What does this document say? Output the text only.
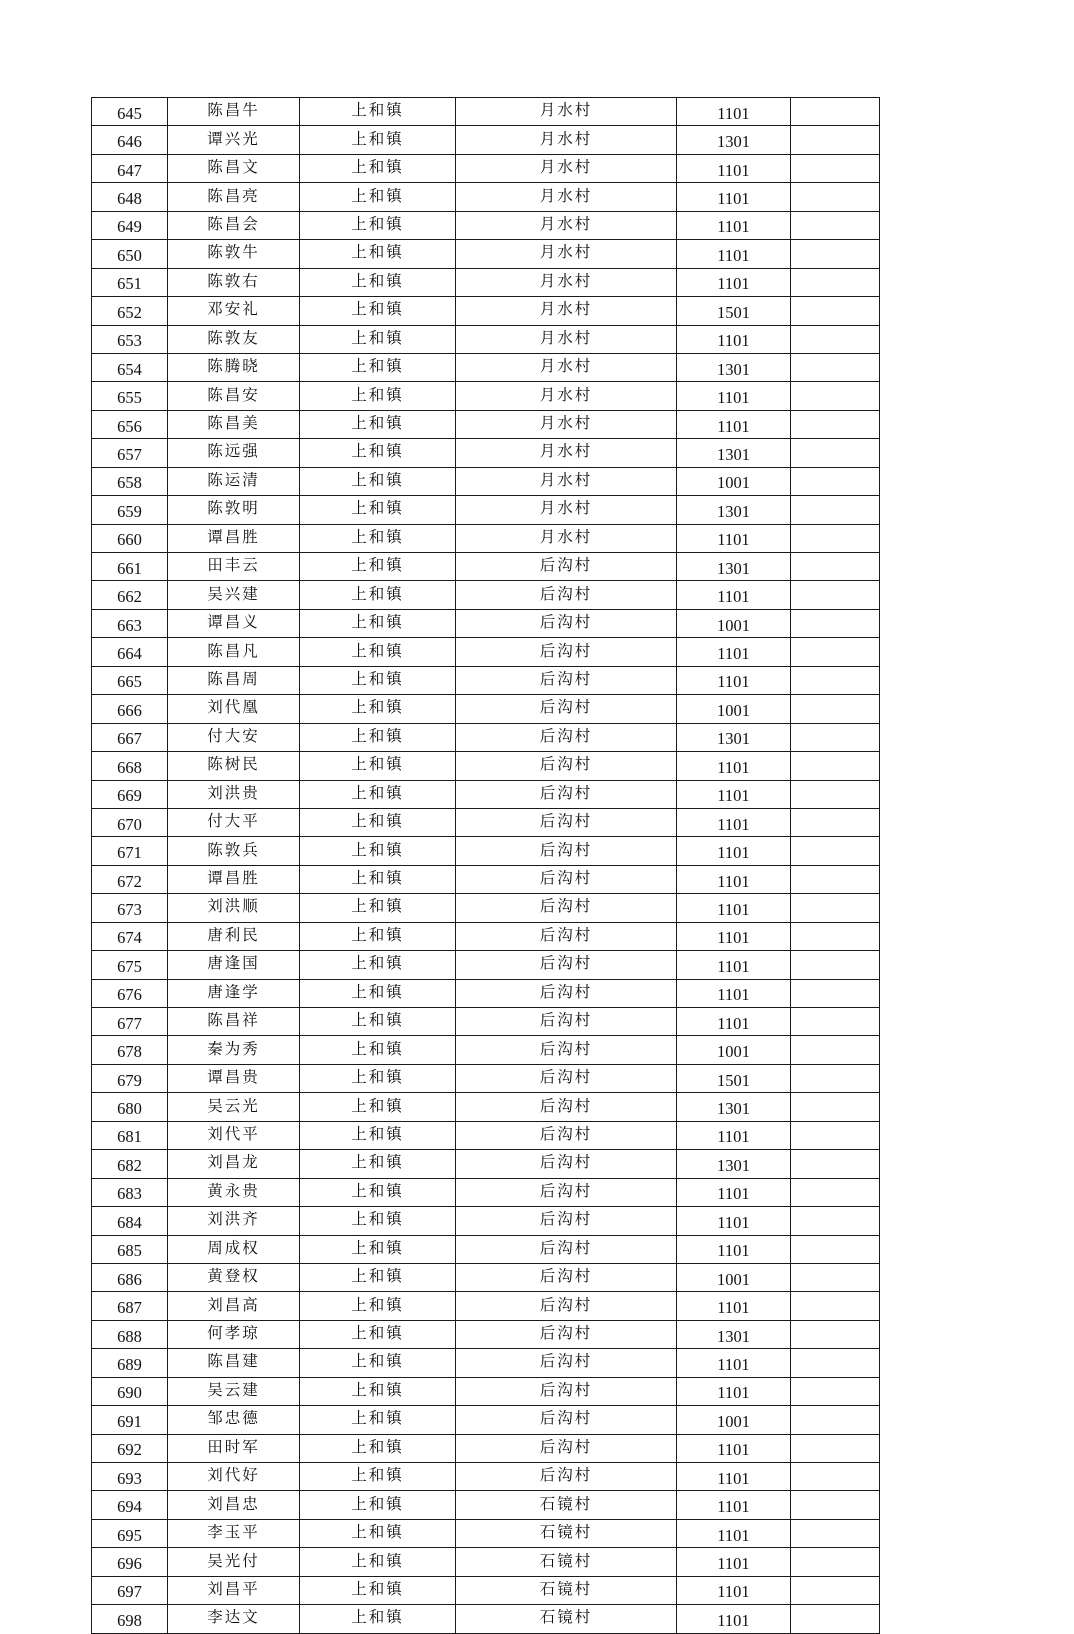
645	陈昌牛	上和镇	月水村	1101	
646	谭兴光	上和镇	月水村	1301	
647	陈昌文	上和镇	月水村	1101	
648	陈昌亮	上和镇	月水村	1101	
649	陈昌会	上和镇	月水村	1101	
650	陈敦牛	上和镇	月水村	1101	
651	陈敦右	上和镇	月水村	1101	
652	邓安礼	上和镇	月水村	1501	
653	陈敦友	上和镇	月水村	1101	
654	陈腾晓	上和镇	月水村	1301	
655	陈昌安	上和镇	月水村	1101	
656	陈昌美	上和镇	月水村	1101	
657	陈远强	上和镇	月水村	1301	
658	陈运清	上和镇	月水村	1001	
659	陈敦明	上和镇	月水村	1301	
660	谭昌胜	上和镇	月水村	1101	
661	田丰云	上和镇	后沟村	1301	
662	吴兴建	上和镇	后沟村	1101	
663	谭昌义	上和镇	后沟村	1001	
664	陈昌凡	上和镇	后沟村	1101	
665	陈昌周	上和镇	后沟村	1101	
666	刘代凰	上和镇	后沟村	1001	
667	付大安	上和镇	后沟村	1301	
668	陈树民	上和镇	后沟村	1101	
669	刘洪贵	上和镇	后沟村	1101	
670	付大平	上和镇	后沟村	1101	
671	陈敦兵	上和镇	后沟村	1101	
672	谭昌胜	上和镇	后沟村	1101	
673	刘洪顺	上和镇	后沟村	1101	
674	唐利民	上和镇	后沟村	1101	
675	唐逢国	上和镇	后沟村	1101	
676	唐逢学	上和镇	后沟村	1101	
677	陈昌祥	上和镇	后沟村	1101	
678	秦为秀	上和镇	后沟村	1001	
679	谭昌贵	上和镇	后沟村	1501	
680	吴云光	上和镇	后沟村	1301	
681	刘代平	上和镇	后沟村	1101	
682	刘昌龙	上和镇	后沟村	1301	
683	黄永贵	上和镇	后沟村	1101	
684	刘洪齐	上和镇	后沟村	1101	
685	周成权	上和镇	后沟村	1101	
686	黄登权	上和镇	后沟村	1001	
687	刘昌高	上和镇	后沟村	1101	
688	何孝琼	上和镇	后沟村	1301	
689	陈昌建	上和镇	后沟村	1101	
690	吴云建	上和镇	后沟村	1101	
691	邹忠德	上和镇	后沟村	1001	
692	田时军	上和镇	后沟村	1101	
693	刘代好	上和镇	后沟村	1101	
694	刘昌忠	上和镇	石镜村	1101	
695	李玉平	上和镇	石镜村	1101	
696	吴光付	上和镇	石镜村	1101	
697	刘昌平	上和镇	石镜村	1101	
698	李达文	上和镇	石镜村	1101	
